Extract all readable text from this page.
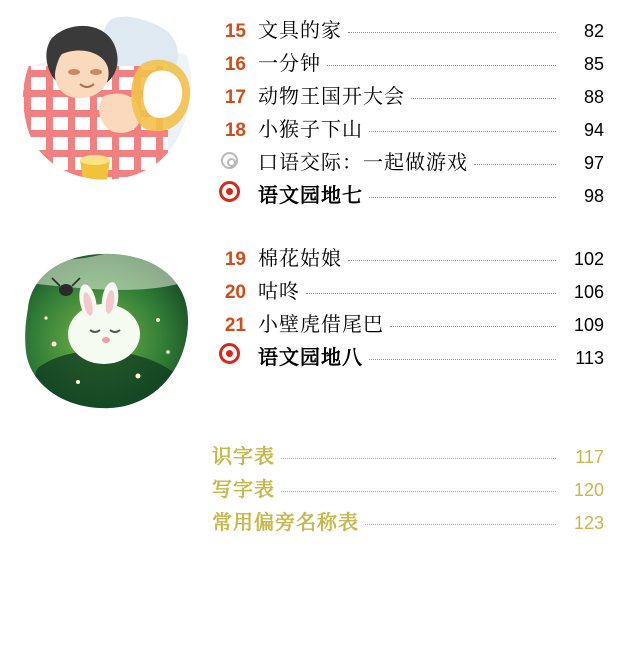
15 文具的家	82
16 一分钟	85
17 动物王国开大会	88
18 小猴子下山	94
口语交际：一起做游戏	97
语文园地七	98
19 棉花姑娘	102
20 咕咚	106
21 小壁虎借尾巴	109
语文园地八	113
识字表	117
写字表	120
常用偏旁名称表	123
